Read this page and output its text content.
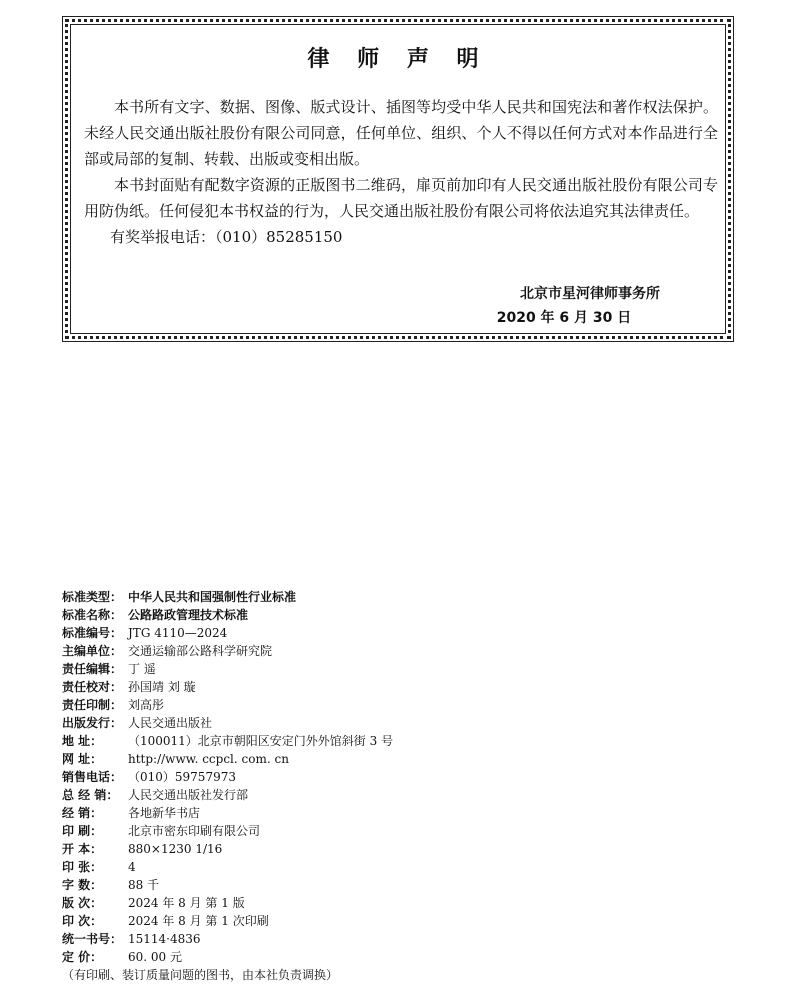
律 师 声 明

本书所有文字、数据、图像、版式设计、插图等均受中华人民共和国宪法和著作权法保护。未经人民交通出版社股份有限公司同意，任何单位、组织、个人不得以任何方式对本作品进行全部或局部的复制、转载、出版或变相出版。

本书封面贴有配数字资源的正版图书二维码，扉页前加印有人民交通出版社股份有限公司专用防伪纸。任何侵犯本书权益的行为，人民交通出版社股份有限公司将依法追究其法律责任。

有奖举报电话：（010）85285150

北京市星河律师事务所
2020 年 6 月 30 日
标准类型： 中华人民共和国强制性行业标准
标准名称： 公路路政管理技术标准
标准编号： JTG 4110—2024
主编单位： 交通运输部公路科学研究院
责任编辑： 丁 遥
责任校对： 孙国靖 刘 璇
责任印制： 刘高彤
出版发行： 人民交通出版社
地 址： （100011）北京市朝阳区安定门外外馆斜街 3 号
网 址： http://www. ccpcl. com. cn
销售电话： （010）59757973
总 经 销： 人民交通出版社发行部
经 销： 各地新华书店
印 刷： 北京市密东印刷有限公司
开 本： 880×1230 1/16
印 张： 4
字 数： 88 千
版 次： 2024 年 8 月 第 1 版
印 次： 2024 年 8 月 第 1 次印刷
统一书号： 15114·4836
定 价： 60. 00 元
（有印刷、装订质量问题的图书，由本社负责调换）
